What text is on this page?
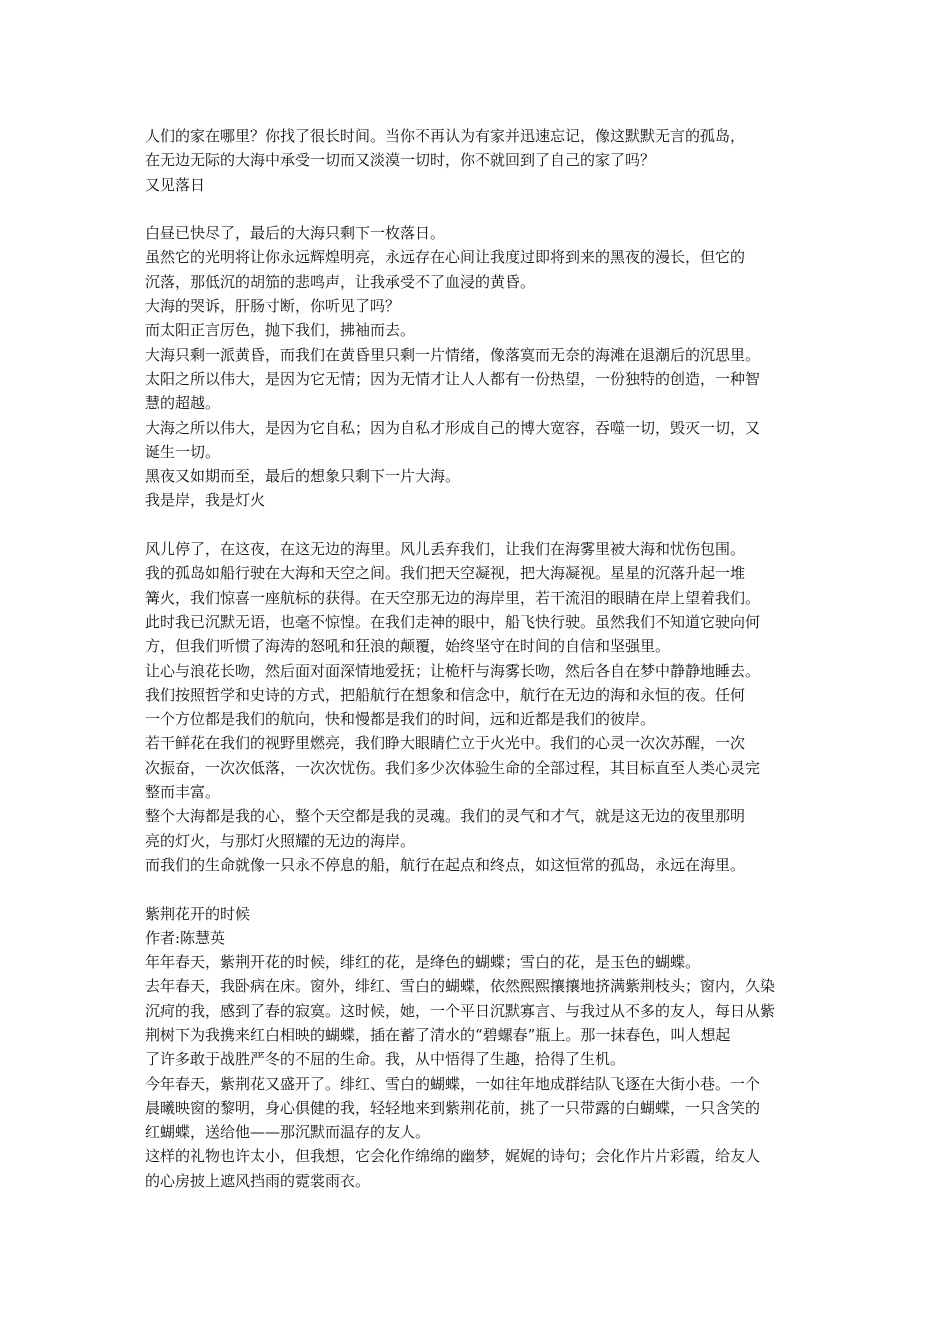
人们的家在哪里？你找了很长时间。当你不再认为有家并迅速忘记，像这默默无言的孤岛，
在无边无际的大海中承受一切而又淡漠一切时，你不就回到了自己的家了吗？
又见落日
白昼已快尽了，最后的大海只剩下一枚落日。
虽然它的光明将让你永远辉煌明亮，永远存在心间让我度过即将到来的黑夜的漫长，但它的
沉落，那低沉的胡笳的悲鸣声，让我承受不了血浸的黄昏。
大海的哭诉，肝肠寸断，你听见了吗？
而太阳正言厉色，抛下我们，拂袖而去。
大海只剩一派黄昏，而我们在黄昏里只剩一片情绪，像落寞而无奈的海滩在退潮后的沉思里。
太阳之所以伟大，是因为它无情；因为无情才让人人都有一份热望，一份独特的创造，一种智
慧的超越。
大海之所以伟大，是因为它自私；因为自私才形成自己的博大宽容，吞噬一切，毁灭一切，又
诞生一切。
黑夜又如期而至，最后的想象只剩下一片大海。
我是岸，我是灯火
风儿停了，在这夜，在这无边的海里。风儿丢弃我们，让我们在海雾里被大海和忧伤包围。
我的孤岛如船行驶在大海和天空之间。我们把天空凝视，把大海凝视。星星的沉落升起一堆
篝火，我们惊喜一座航标的获得。在天空那无边的海岸里，若干流泪的眼睛在岸上望着我们。
此时我已沉默无语，也毫不惊惶。在我们走神的眼中，船飞快行驶。虽然我们不知道它驶向何
方，但我们听惯了海涛的怒吼和狂浪的颠覆，始终坚守在时间的自信和坚强里。
让心与浪花长吻，然后面对面深情地爱抚；让桅杆与海雾长吻，然后各自在梦中静静地睡去。
我们按照哲学和史诗的方式，把船航行在想象和信念中，航行在无边的海和永恒的夜。任何
一个方位都是我们的航向，快和慢都是我们的时间，远和近都是我们的彼岸。
若干鲜花在我们的视野里燃亮，我们睁大眼睛伫立于火光中。我们的心灵一次次苏醒，一次
次振奋，一次次低落，一次次忧伤。我们多少次体验生命的全部过程，其目标直至人类心灵完
整而丰富。
整个大海都是我的心，整个天空都是我的灵魂。我们的灵气和才气，就是这无边的夜里那明
亮的灯火，与那灯火照耀的无边的海岸。
而我们的生命就像一只永不停息的船，航行在起点和终点，如这恒常的孤岛，永远在海里。
紫荆花开的时候
作者:陈慧英
年年春天，紫荆开花的时候，绯红的花，是绛色的蝴蝶；雪白的花，是玉色的蝴蝶。
去年春天，我卧病在床。窗外，绯红、雪白的蝴蝶，依然熙熙攘攘地挤满紫荆枝头；窗内，久染
沉疴的我，感到了春的寂寞。这时候，她，一个平日沉默寡言、与我过从不多的友人，每日从紫
荆树下为我携来红白相映的蝴蝶，插在蓄了清水的“碧螺春”瓶上。那一抹春色，叫人想起
了许多敢于战胜严冬的不屈的生命。我，从中悟得了生趣，拾得了生机。
今年春天，紫荆花又盛开了。绯红、雪白的蝴蝶，一如往年地成群结队飞逐在大街小巷。一个
晨曦映窗的黎明，身心俱健的我，轻轻地来到紫荆花前，挑了一只带露的白蝴蝶，一只含笑的
红蝴蝶，送给他——那沉默而温存的友人。
这样的礼物也许太小，但我想，它会化作绵绵的幽梦，娓娓的诗句；会化作片片彩霞，给友人
的心房披上遮风挡雨的霓裳雨衣。
